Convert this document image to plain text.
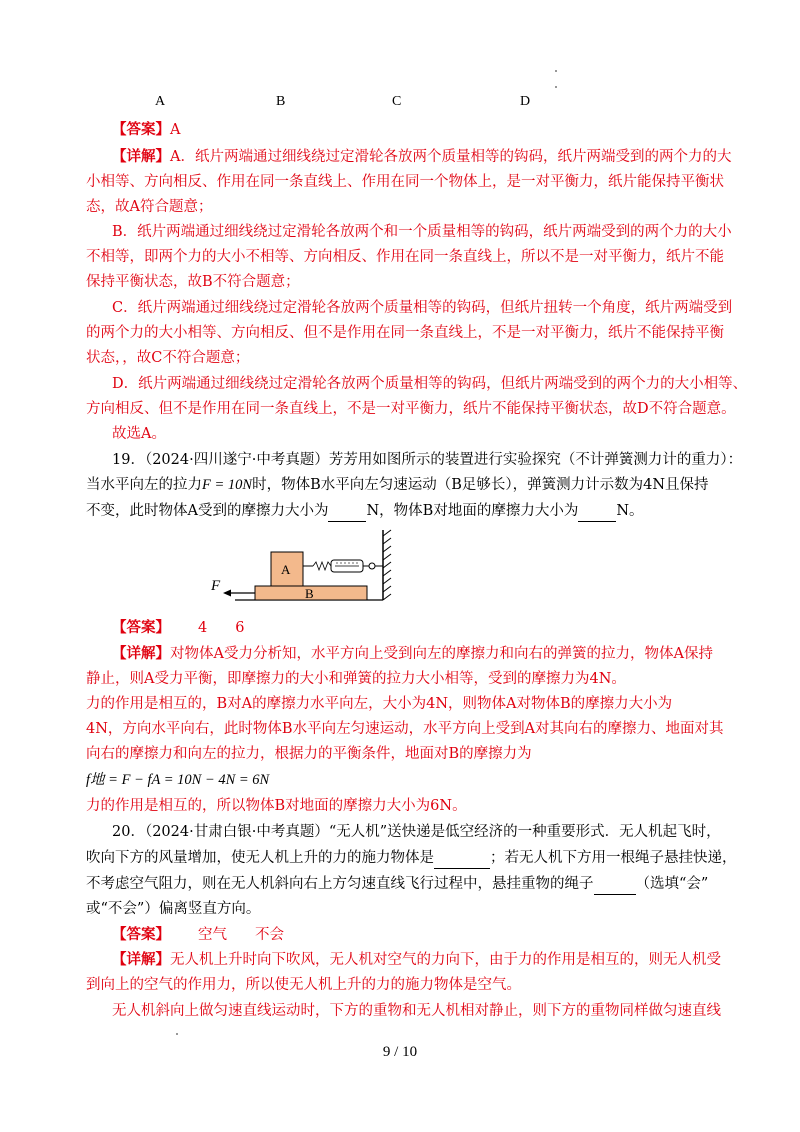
A	B	C	D
【答案】A
【详解】A．纸片两端通过细线绕过定滑轮各放两个质量相等的钩码，纸片两端受到的两个力的大
小相等、方向相反、作用在同一条直线上、作用在同一个物体上，是一对平衡力，纸片能保持平衡状
态，故A符合题意；
B．纸片两端通过细线绕过定滑轮各放两个和一个质量相等的钩码，纸片两端受到的两个力的大小
不相等，即两个力的大小不相等、方向相反、作用在同一条直线上，所以不是一对平衡力，纸片不能
保持平衡状态，故B不符合题意；
C．纸片两端通过细线绕过定滑轮各放两个质量相等的钩码，但纸片扭转一个角度，纸片两端受到
的两个力的大小相等、方向相反、但不是作用在同一条直线上，不是一对平衡力，纸片不能保持平衡
状态，，故C不符合题意；
D．纸片两端通过细线绕过定滑轮各放两个质量相等的钩码，但纸片两端受到的两个力的大小相等、
方向相反、但不是作用在同一条直线上，不是一对平衡力，纸片不能保持平衡状态，故D不符合题意。
故选A。
19．（2024·四川遂宁·中考真题）芳芳用如图所示的装置进行实验探究（不计弹簧测力计的重力）：
当水平向左的拉力F = 10N时，物体B水平向左匀速运动（B足够长），弹簧测力计示数为4N且保持
不变，此时物体A受到的摩擦力大小为	N，物体B对地面的摩擦力大小为	N。
B
A
F
【答案】 4 6
【详解】对物体A受力分析知，水平方向上受到向左的摩擦力和向右的弹簧的拉力，物体A保持
静止，则A受力平衡，即摩擦力的大小和弹簧的拉力大小相等，受到的摩擦力为4N。
力的作用是相互的，B对A的摩擦力水平向左，大小为4N，则物体A对物体B的摩擦力大小为
4N，方向水平向右，此时物体B水平向左匀速运动，水平方向上受到A对其向右的摩擦力、地面对其
向右的摩擦力和向左的拉力，根据力的平衡条件，地面对B的摩擦力为
f地 = F − fA = 10N − 4N = 6N
力的作用是相互的，所以物体B对地面的摩擦力大小为6N。
20．（2024·甘肃白银·中考真题）“无人机”送快递是低空经济的一种重要形式．无人机起飞时，
吹向下方的风量增加，使无人机上升的力的施力物体是	；若无人机下方用一根绳子悬挂快递，
不考虑空气阻力，则在无人机斜向右上方匀速直线飞行过程中，悬挂重物的绳子	（选填“会”
或“不会”）偏离竖直方向。
【答案】 空气 不会
【详解】无人机上升时向下吹风，无人机对空气的力向下，由于力的作用是相互的，则无人机受
到向上的空气的作用力，所以使无人机上升的力的施力物体是空气。
无人机斜向上做匀速直线运动时，下方的重物和无人机相对静止，则下方的重物同样做匀速直线
9 / 10
